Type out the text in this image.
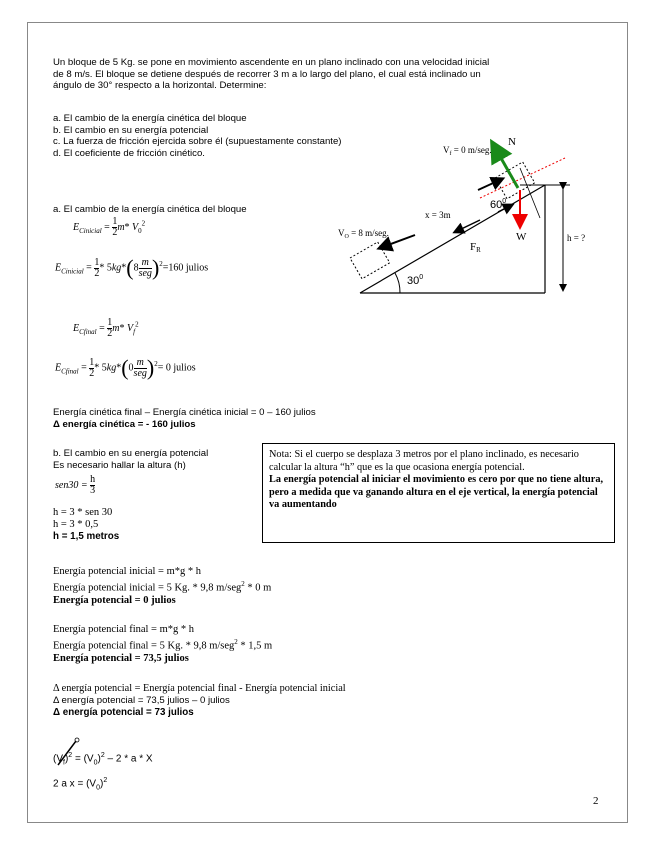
Un bloque de 5 Kg. se pone en movimiento ascendente en un plano inclinado con una velocidad inicial
de 8 m/s. El bloque se detiene después de recorrer 3 m a lo largo del plano, el cual está inclinado un
ángulo de 30° respecto a la horizontal. Determine:
a. El cambio de la energía cinética del bloque
b. El cambio en su energía potencial
c. La fuerza de fricción ejercida sobre él (supuestamente constante)
d. El coeficiente de fricción cinético.
a. El cambio de la energía cinética del bloque
$E_{Cinicial} = \frac{1}{2} m*$ $V_0^2$
$E_{Cinicial} = \frac{1}{2} * 5kg*(8 \frac{m}{\text{seg}} )^2=160$ julios
$E_{Cfinal} = \frac{1}{2} m*$ $V_f^2$
$E_{Cfinal} = \frac{1}{2} * 5kg*(0 \frac{m}{\text{seg}} )^2= 0$ julios
Energía cinética final – Energía cinética inicial = 0 – 160 julios
Δ energía cinética = - 160 julios
$V_f = 0$ m/seg.
$V_O = 8$ m/seg.
x = 3m
FR
N
W
$60^0$
$30^0$
h = ?
b. El cambio en su energía potencial
Es necesario hallar la altura (h)
$sen30 = \frac{h}{3}$
h = 3 * sen 30
h = 3 * 0,5
h = 1,5 metros
Nota: Si el cuerpo se desplaza 3 metros por el plano inclinado, es necesario calcular la altura “h” que es la que ocasiona energía potencial.
La energía potencial al iniciar el movimiento es cero por que no tiene altura, pero a medida que va ganando altura en el eje vertical, la energía potencial va aumentando
Energía potencial inicial = m*g * h
Energía potencial inicial = 5 Kg. * 9,8 m/seg$^2$ * 0 m
Energía potencial = 0 julios
Energía potencial final = m*g * h
Energía potencial final = 5 Kg. * 9,8 m/seg$^2$ * 1,5 m
Energía potencial = 73,5 julios
Δ energía potencial = Energía potencial final - Energía potencial inicial
Δ energía potencial = 73,5 julios – 0 julios
Δ energía potencial = 73 julios
$(V_f)^2 = (V_0)^2 - 2 * a * X$
2 a $x = (V_0)^2$
2
